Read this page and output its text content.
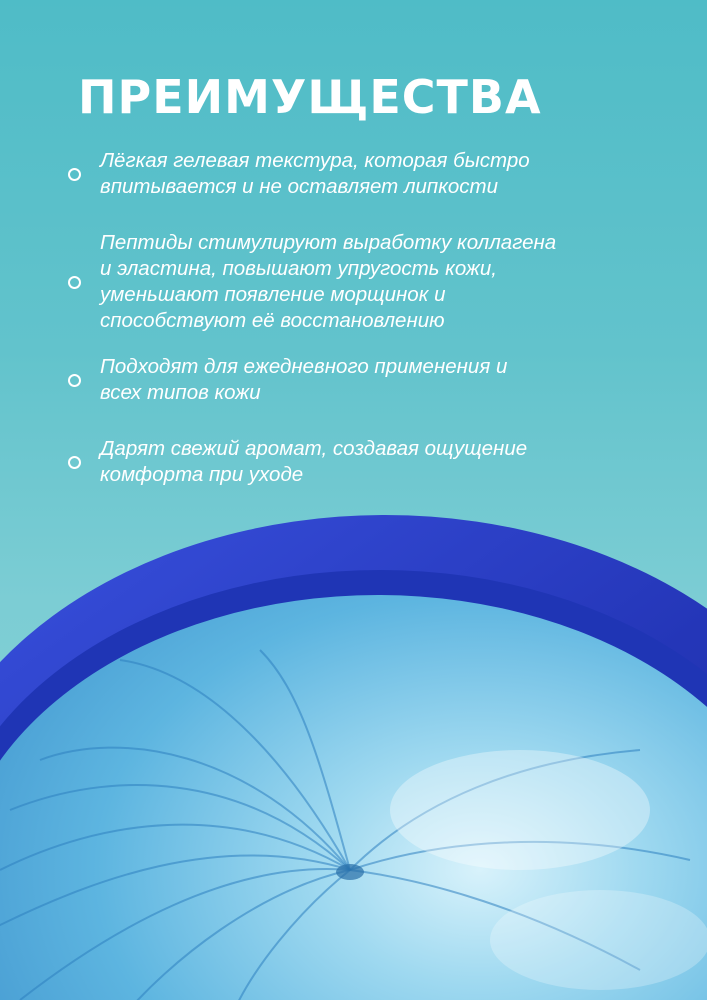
ПРЕИМУЩЕСТВА
Лёгкая гелевая текстура, которая быстро
впитывается и не оставляет липкости
Пептиды стимулируют выработку коллагена
и эластина, повышают упругость кожи,
уменьшают появление морщинок и
способствуют её восстановлению
Подходят для ежедневного применения и
всех типов кожи
Дарят свежий аромат, создавая ощущение
комфорта при уходе
